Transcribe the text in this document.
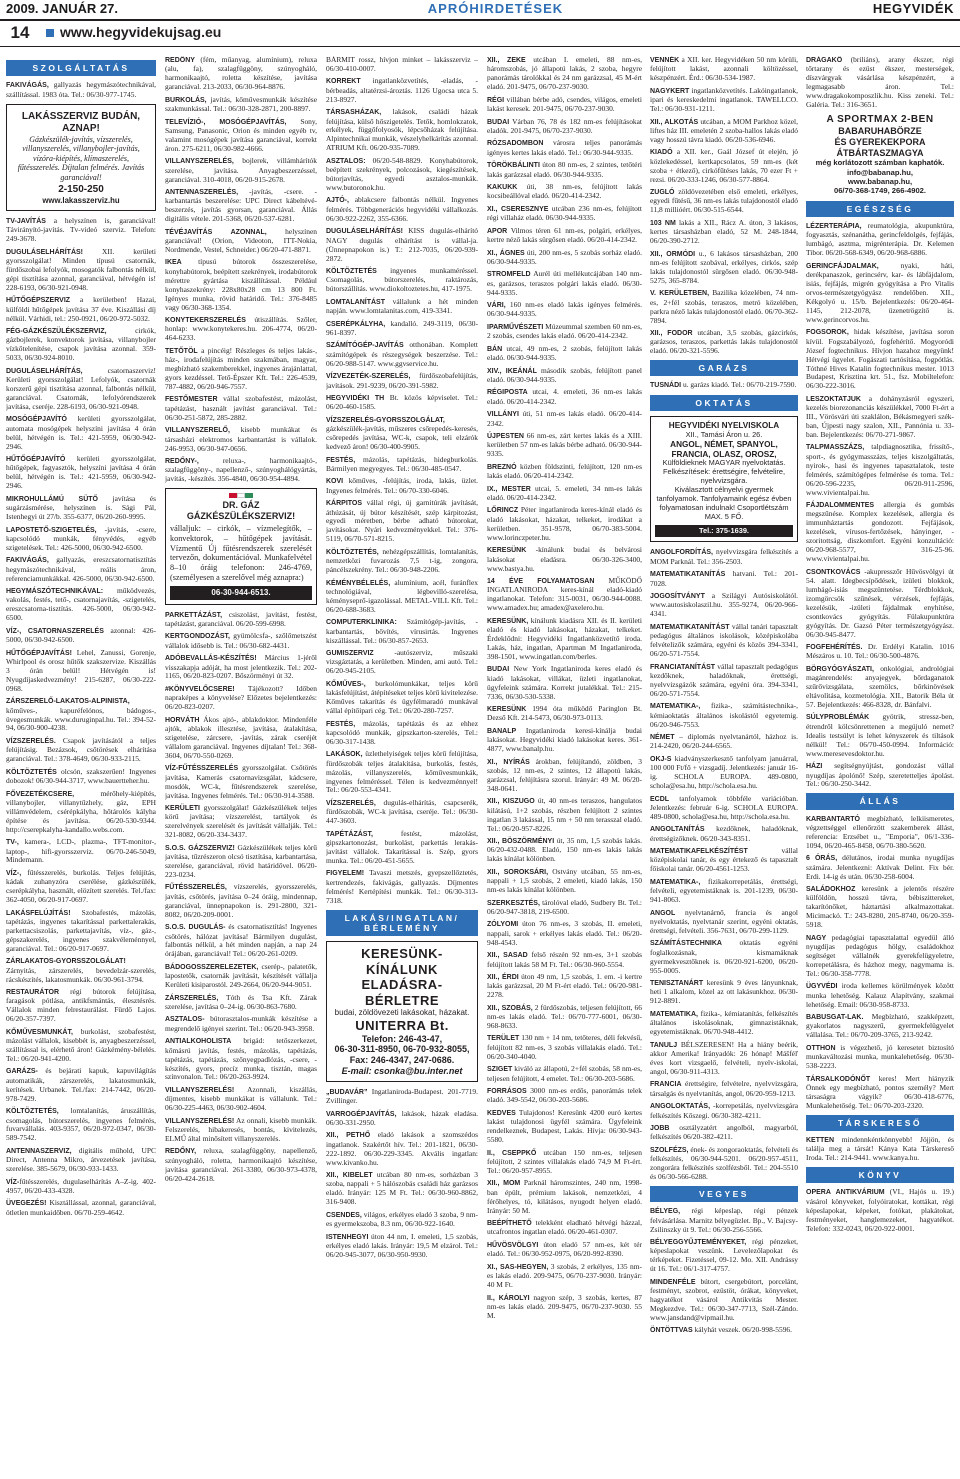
2009. JANUÁR 27.	APRÓHIRDETÉSEK	HEGYVIDÉK
14	www.hegyvidekujsag.eu
SZOLGÁLTATÁS

FAKIVÁGÁS, gallyazás hegymászótechnikával, szállítással. 1983 óta. Tel.: 06/30-977-1745.

LAKÁSSZERVIZ BUDÁN, AZNAP!
Gázkészülék-javítás, vízszerelés, villanyszerelés, villanybojler-javítás, vízóra-kiépítés, klímaszerelés, fűtésszerelés. Díjtalan felmérés. Javítás garanciával!
2-150-250
www.lakasszerviz.hu

TV-JAVÍTÁS a helyszínen is, garanciával! Távirányító-javítás. Tv-videó szerviz. Telefon: 249-3678.

DUGULÁSELHÁRÍTÁS! XII. kerületi gyorsszolgálat! Minden típusú csatornák, fürdőszobai lefolyók, mosogatók falbontás nélkül, gépi tisztítása azonnal, garanciával, hétvégén is! 228-6193, 06/30-921-0948.

HŰTŐGÉPSZERVIZ a kerületben! Hazai, külföldi hűtőgépek javítása 37 éve. Kiszállási díj nélkül. Várhidi, tel.: 250-0921, 06/20-972-5032.

FÉG-GÁZKÉSZÜLÉKSZERVIZ, cirkók, gázbojlerek, konvektorok javítása, villanybojler vízkőtelenítése, csapok javítása azonnal. 359-5033, 06/30-924-8010.

DUGULÁSELHÁRÍTÁS, csatornaszerviz! Kerületi gyorsszolgálat! Lefolyók, csatornák korszerű gépi tisztítása azonnal, falbontás nélkül, garanciával. Csatornák, lefolyórendszerek javítása, cseréje. 228-6193, 06/30-921-0948.

MOSÓGÉPJAVÍTÓ kerületi gyorsszolgálat, automata mosógépek helyszíni javítása 4 órán belül, hétvégén is. Tel.: 421-5959, 06/30-942-2946.

HŰTŐGÉPJAVÍTÓ kerületi gyorsszolgálat, hűtőgépek, fagyasztók, helyszíni javítása 4 órán belül, hétvégén is. Tel.: 421-5959, 06/30-942-2946.

MIKROHULLÁMÚ SÜTŐ javítása és sugárzásmérése, helyszínen is. Sági Pál, Istenhegyi út 27/b. 355-6377, 06/20-260-9995.

LAPOSTETŐ-SZIGETELÉS, -javítás, -csere, kapcsolódó munkák, fényvédés, egyéb szigetelések. Tel.: 426-5000, 06/30-942-6500.

FAKIVÁGÁS, gallyazás, ereszcsatornatisztítás hegymászótechnikával, reális áron, referenciamunkákkal. 426-5000, 06/30-942-6500.

HEGYMÁSZÓTECHNIKÁVAL: működvezés, vakolás, festés, tető-, csatornajavítás, -szigetelés, ereszcsatorna-tisztítás. 426-5000, 06/30-942-6500.

VÍZ-, CSATORNASZERELÉS azonnal: 426-5000, 06/30-942-6500.

HŰTŐGÉPJAVÍTÁS! Lehel, Zanussi, Gorenje, Whirlpool és orosz hűtők szakszervize. Kiszállás 3 órán belül! Hétvégén is! Nyugdíjaskedvezmény! 215-6287, 06/30-222-0968.

ZÁRSZERELŐ-LAKATOS-ALPINISTA, kőműves-, kapuréfelónos, bádogos-, üvegesmunkák. www.duruginpal.hu. Tel.: 394-52-94, 06/30-900-4238.

VÍZSZERELÉS. Csapok javításától a teljes felújításig. Bezázsok, csőtörések elhárítása garanciával. Tel.: 378-4649, 06/30-933-2115.

KÖLTÖZTETÉS olcsón, szakszerűen! Ingyenes dobozok! 06/30-944-3717, www.bauertteher.hu.

FŐVEZETÉKCSERE, mérőhely-kiépítés, villanybojler, villanytűzhely, gáz, EPH villámvédelem, csérépkályha, hőtárolós kályha építése és javítása. 06/20-530-9344. http://cserepkalyha-kandallo.webs.com.

TV-, kamera-, LCD-, plazma-, TFT-monitor-, laptop-, hifi-gyorsszerviz. 06/70-246-5049, Mindemann.

VÍZ-, fűtésszerelés, burkolás. Teljes felújítás, kádak zuhanyzóra cserélése, gázkészülék, cserépkályha, használt, elözített szerelés. Tel./fax: 362-4050, 06/20-917-0697.

LAKÁSFELÚJÍTÁS! Szobafestés, mázolás, tapétázás, ingyenes takarítással parkettalerakás, parkettacsiszolás, parkettajavítás, víz-, gáz-, gépszakerelés, ingyenes szakvéleménnyel, garanciával. Tel.: 06/20-917-0697.

ZÁRLAKATOS-GYORSSZOLGÁLAT! Zárnyitás, zárszerelés, bevedelzár-szerelés, rácskészítés, lakatosmunkák. 06/30-961-3794.

RESTAURÁTOR régi bútorok felújítása, faragások pótlása, antikfsmántás, élesztésrés. Vállalok minden felrestaurálást. Fürdő Lajos. 06/20-357-7397.

KŐMŰVESMUNKÁT, burkolást, szobafestést, mázolást vállalok, kisebbét is, anyagbeszerzéssel, szállítással is, elérhető áron! Gázkémény-bélelés. Tel.: 06/20-941-4200.

GARÁZS- és bejárati kapuk, kapuvilágítás automatikák, zárszerelés, lakatosmunkák, kerítések. Urbanek. Tel./fax: 214-7442, 06/20-978-7429.

KÖLTÖZTETÉS, lomtalanítás, áruszállítás, csomagolás, bútorszerelés, ingyenes felmérés, fuvarvállalás. 403-9357, 06/20-972-0347, 06/30-589-7542.

ANTENNASZERVIZ, digitális műhold, UPC Direct, Antenna Mikro, átvezetések javítása, szerelése. 385-5679, 06/30-933-1433.

VÍZ-fűtésszerelés, dugulaselhárítás A–Z-ig. 402-4957, 06/20-433-4328.

ÜVEGEZÉS! Kisztállással, azonnal, garanciával, ötletlen munkaidőben. 06/70-259-4642.

REDŐNY (fém, műanyag, alumínium), reluxa (alu, fa), szalagfüggöny, szúnyogháló, harmonikaajtó, roletta készítése, javítása garanciával. 213-2033, 06/30-964-8876.

BURKOLÁS, javítás, kőművesmunkák készítése szakmunkással. Tel.: 06/30-328-2871, 200-8897.

TELEVÍZIÓ-, MOSÓGÉPJAVÍTÁS, Sony, Samsung, Panasonic, Orion és minden egyéb tv, valamint mosógépek javítása garanciával, korrekt áron. 275-6211, 06/30-982-4666.

VILLANYSZERELÉS, bojlerek, villámhárítók szerelése, javítása. Anyagbeszerzéssel, garanciával. 310-4018, 06/20-915-2678.

ANTENNASZERELÉS, -javítás, -csere. -karbantartás beszerelése: UPC Direct kábeltévé-beszerzés, javítás gyorsan, garanciával. Állás digitális vétele. 201-5368, 06/20-537-6281.

TÉVÉJAVÍTÁS AZONNAL, helyszínen garanciával! (Orion, Videoton, ITT-Nokia, Nordmende, Vestel, Schneider.) 06/20-471-8871.

IKEA típusú bútorok összeszerelése, konyhabútorok, beépített szekrények, irodabútorok mérettre gyártása kiszállítással. Például konyhaszekrény: 228x80x28 cm 13 800 Ft. Igényes munka, rövid határidő. Tel.: 376-8485 vagy 06/30-368-1354.

KONYTEKERSZERELÉS útiszállítás. Szőler, honlap: www.konytekeres.hu. 206-4774, 06/20-464-6233.

TETŐTÖL a pincéig! Részleges és teljes lakás-, ház-, irodafelújítás minden szakmában, magyar, megbízható szakemberekkel, ingyenes árajánlattal, gyors kezdéssel. Tető-Épszer Kft. Tel.: 226-4539, 787-4882, 06/20-946-7557.

FESTŐMESTER vállal szobafestést, mázolást, tapétázást, használt javítást garanciával. Tel.: 06/30-251-5872, 285-2882.

VILLANYSZERELŐ, kisebb munkákat és társasházi elektromos karbantartást is vállalok. 246-9953, 06/30-947-0656.

REDŐNY-, reluxa-, harmonikaajtó-, szalagfüggöny-, napellenző-, szúnyoghálógyártás, javítás, -készítés. 356-4840, 06/30-954-4894.

DR. GÁZ
GÁZKÉSZÜLÉKSZERVIZ!
vállaljuk: – cirkók, – vízmelegítők, – konvektorok, – hűtőgépek javítását. Vízmentű Új fűtésrendszerek szerelését tervezőn, dokumentációval. Munkafelvétel 8–10 óráig telefonon: 246-4769, (személyesen a szerelővel még aznapra:)
06-30-944-6513.

PARKETTÁZÁST, csiszolást, javítást, festést, tapétázást, garanciával. 06/20-599-6998.

KERTGONDOZÁST, gyümölcsfa-, szőlőmetszést vállalok idősebb is. Tel.: 06/30-682-4431.

ADÓBEVALLÁS-KÉSZÍTÉS! Március 1-jéről visszakapja adóját, ha most jelentkezik. Tel.: 202-1165, 06/20-823-0207. Bőszörményi út 32.

#KÖNYVELŐCSERE! Tájékozott? Időben napraképes a könyvelése? Előzetes bejelentkezés: 06/20-823-0207.

HORVÁTH Ákos ajtó-, ablakdoktor. Mindenféle ajtók, ablakok illesztése, javítása, átalakítása, szigetelése, zárcsere, -javítás, zárak cseréjét vállalom garanciával. Ingyenes díjtalan! Tel.: 368-3604, 06/70-550-0269.

VÍZ-FŰTÉSSZERELÉS gyorsszolgálat. Csőtörés javítása, Kamerás csatornavizsgálat, kádcsere, mosdók, WC-k, fűtésrendszerek szerelése, javítása. Ingyenes felmérés. Tel.: 06/30-914-3588.

KERÜLETI gyorsszolgálat! Gázkészülékek teljes körű javítása; vízszerelést, tartályok és szerelvények szerelését és javítását vállalják. Tel.: 321-8082, 06/20-334-3437.

S.O.S. GÁZSZERVIZ! Gázkészülékek teljes körű javítása, tűzrészeron olcsó tisztítása, karbantartása, szerelése, garanciával, rövid határidővel. 06/20-223-0234.

FŰTÉSSZERELÉS, vízszerelés, gyorsszerelés, javítás, csőtörés, javítása 0–24 óráig, mindennap, garanciával, ünnepnapokon is. 291-2800, 321-8082, 06/20-209-0001.

S.O.S. DUGULÁS- és csatornatisztítás! Ingyenes csőtörés, hálózat javítása! Bármilyen dugulást, falbontás nélkül, a hét minden napján, a nap 24 órájában, garanciával! Tel.: 06/20-261-0209.

BÁDOGOSSZERELEZETEK, cserép-, palatetők, lapostetők, csatornák javítását, készítését vállalja Kerületi kisiparostól. 249-2664, 06/20-944-9051.

ZÁRSZERELÉS, Tóth és Tsa Kft. Zárak szerelése, javítása 0–24-ig. 06/30-863-7680.

ASZTALOS- bútorasztalos-munkák készítése a megrendelő igényei szerint. Tel.: 06/20-943-3958.

ANTIALKOHOLISTA brigád: tetőszerkezet, kőmásrú javítás, festés, mázolás, tapétázás, tapétázás, tapétázás, szőnyegpadlózás, -csere, -készítés, gyors, precíz munka, tisztán, magas színvonalon. Tel.: 06/20-263-9924.

VILLANYSZERELÉS! Azonnali, kiszállás, díjmentes, kisebb munkákat is vállalunk. Tel.: 06/30-225-4463, 06/30-902-4604.

VILLANYSZERELÉS! Az onnali, kisebb munkák. Felszerelés, hibakeresés, bontás, kivitelezés, ELMŰ által minősített villanyszerelés.

REDŐNY, reluxa, szalagfüggöny, napellenző, szúnyogháló, roletta, harmonikaajtó készítése, javítása garanciával. 261-3380, 06/30-973-4378, 06/20-424-2618.

BÁRMIT rossz, hívjon minket – lakásszerviz – 06/30-410-0007.

KORREKT ingatlanközvetítés, -eladás, -bérbeadás, altatérzsi-ároztás. 1126 Ugocsa utca 5. 213-8927.

TÁRSASHÁZAK, lakások, családi házak felújítása, külső hőszigetelés. Tetők, homlokzatok, erkélyek, függőfolyosók, lépcsőházak felújítása. Alpintechnikai munkák, vészelyhelkárítás azonnal. ATRIUM Kft. 06/20-935-7089.

ASZTALOS: 06/20-548-8829. Konyhabútorok, beépített szekrények, polcozások, kiegészítések, bútorjavítás, egyedi asztalos-munkák. www.butoronok.hu.

AJTÓ-, ablakcsere falbontás nélkül. Ingyenes felmérés. Többgenerációs hegyvidéki vállalkozás. 06/30-922-2262, 355-6366.

DUGULÁSELHÁRÍTÁS! KISS dugulás-elhárító NAGY dugulás elhárítást is vállal-ja. (Ünnepnapokon is.) T.: 212-7035, 06/20-939-2872.

KÖLTÖZTETÉS ingyenes munkaméréssel. Csomagolás, bútorszerelés, raktározás, bútorszállítás. www.diokoltoztetes.hu, 417-1975.

LOMTALANÍTÁST vállalunk a hét minden napján. www.lomtalanitas.com, 419-3341.

CSERÉPKÁLYHA, kandalló. 249-3119, 06/30-961-8397.

SZÁMÍTÓGÉP-JAVÍTÁS otthonában. Komplett számítógépek és részegységek beszerzése. Tel.: 06/20-988-5147. www.ggvservice.hu.

VÍZVEZETÉK-SZERELÉS, fürdőszobafelújítás, javítások. 291-9239, 06/20-391-5982.

HEGYVIDÉKI TH Bt. közös képviselet. Tel.: 06/20-460-1585.

VÍZSZERELÉS-GYORSSZOLGÁLAT, gázkészülék-javítás, műszeres csőrepedés-keresés, csőrepedés javítása, WC-k, csapok, teli elzárók kedvező áron! 06/30-400-9905.

FESTÉS, mázolás, tapétázás, hidegburkolás. Bármilyen megyegyes. Tel.: 06/30-485-0547.

KOVI kőműves, -felújítás, iroda, lakás, üzlet. Ingyenes felmérés. Tel.: 06/70-330-6046.

KÁRPITOS vállal régi, új garnitúrák javítását, áthúzását, új bútor készítését, szép kárpitozást, egyedi méretben, bérbe adható bútorokat, javításokat. Nyári kedvezményekkel. Tel.: 376-5119, 06/70-571-8215.

KÖLTÖZTETÉS, nehézgépszállítás, lomtalanítás, nemzetközi fuvarozás 7,5 t-ig, zongora, páncélszekrény. Tel.: 06/30-948-2206.

KÉMÉNYBÉLELÉS, alumínium, acél, furánflex technológiával, légbevilló-szerelésa, kéményseprő-igazolással. METAL-VILL Kft. Tel.: 06/20-688-3683.

COMPUTERKLINIKA: Számítógép-javítás, -karbantartás, bővítés, vírusirtás. Ingyenes kiszállással. Tel.: 06/30-857-2653.

GUMISZERVIZ -autószerviz, műszaki vizsgáztatás, a kerületben. Minden, ami autó. Tel.: 06/20-945-2105.

KŐMŰVES-, burkolómunkákat, teljes körű lakásfelújítást, átépítéseket teljes körű kivitelezése. Kőműves takarítás és ügyfélmaradó munkával vállal építőipari cég. Tel.: 06/20-280-7257.

FESTÉS, mázolás, tapétázás és az ehhez kapcsolódó munkák, gipszkarton-szerelés, Tel.: 06/30-317-1438.

LAKÁSOK, üzlethelyiségek teljes körű felújítása, fürdőszobák teljes átalakítása, burkolás, festés, mázolás, villanyszerelés, kőművesmunkák, ingyenes felméréssel. Télen is kedvezménnyel! Tel.: 06/20-553-4341.

VÍZSZERELÉS, dugulás-elhárítás, csapcserék, fürdőszobák, WC-k javítása, cseréje. Tel.: 06/30-447-3603.

TAPÉTÁZÁST, festést, mázolást, gipszkartonozást, burkolást, parkettás lerakás-javítást vállalok. Takarítással is. Szép, gyors munka. Tel.: 06/20-451-5655.

FIGYELEM! Tavaszi metszés, gyepszellőztetés, kertrendezés, fakivágás, gallyazás. Díjmentes felmérés! Kertépítési munkák. Tel.: 06/30-313-7318.

LAKÁS/INGATLAN/
BÉRLEMÉNY
KERESÜNK-KÍNÁLUNK
ELADÁSRA-BÉRLETRE
budai, zöldövezeti lakásokat, házakat.
UNITERRA Bt.
Telefon: 246-43-47,
06-30-311-8950, 06-70-932-8055,
Fax: 246-4347, 247-0686.
E-mail: csonka@bu.inter.net

„BUDAVÁR” Ingatlaniroda-Budapest. 201-7719. Zvillinger.

VARROGÉPJAVÍTÁS, lakások, házak eladása. 06/30-331-2950.

XII., PETHŐ eladó lakások a szomszédos ingatlanok. Szakértőt hív. Tel.: 201-1821, 06/30-222-1892. 06/30-229-3345. Akvális ingatlan: www.kivanko.hu.

XII., KIBELET utcában 80 nm-es, sorházban 3 szoba, nappali + 5 hálószobás családi ház garázsos eladó. Irányár: 125 M Ft. Tel.: 06/30-960-8862, 316-9408.

CSENDES, világos, erkélyes eladó 3 szoba, 9 nm-es gyermekszoba, 8.3 nm, 06/30-922-1640.

ISTENHEGYI úton 44 nm, I. emeleti, 1,5 szobás, erkélyes eladó lakás. Irányár: 19,5 M elzárol. Tel.: 06/20-945-3077, 06/30-950-9930.

XII., ZEKE utcában I. emeleti, 88 nm-es, háromszobás, jó állapotú lakás, 2 szoba, hegyre panorámás tárolókkal és 24 nm garázzsal, 45 M-ért eladó. 201-9475, 06/70-237-9030.

RÉGI villában bérbe adó, csendes, világos, emeleti lakást keresek. 201-9475, 06/70-237-9030.

BUDAI Várban 76, 78 és 182 nm-es felújításokat eladók. 201-9475, 06/70-237-9030.

RÓZSADOMBON városra teljes panorámás igényes kertes lakás eladó. Tel.: 06/30-944-9335.

TÖRÖKBÁLINTI úton 80 nm-es, 2 szintes, tetőtéri lakás garázzsal eladó. 06/30-944-9335.

KAKUKK úti, 38 nm-es, felújított lakás kocsibeállóval eladó. 06/20-414-2342.

XI., CSERESZNYE utcában 236 nm-es, felújított régi villaház eladó. 06/30-944-9335.

APOR Vilmos téren 61 nm-es, polgári, erkélyes, kertre néző lakás sürgősen eladó. 06/20-414-2342.

XI., ÁGNES úti, 200 nm-es, 5 szobás sorház eladó. 06/30-944-9335.

STROMFELD Aurél úti mellékutcájában 140 nm-es, garázsos, teraszos polgári lakás eladó. 06/30-944-9335.

VÁRI, 160 nm-es eladó lakás igényes felmérés. 06/30-944-9335.

IPARMŰVÉSZETI Múzeummal szemben 60 nm-es, 2 szobás, csendes lakás eladó. 06/20-414-2342.

BÁN utcai, 49 nm-es, 2 szobás, felújított lakás eladó. 06/30-944-9335.

XIV., IKEÁNÁL második szobás, felújított panel eladó. 06/30-944-9335.

RÉGIPOSTA utcai, 4. emeleti, 36 nm-es lakás eladó. 06/20-414-2342.

VILLÁNYI úti, 51 nm-es lakás eladó. 06/20-414-2342.

ÚJPESTEN 66 nm-es, zárt kertes lakás és a XIII. kerületben 57 nm-es lakás bérbe adható. 06/30-944-9335.

BREZNÓ közben földszinti, felújított, 120 nm-es lakás eladó. 06/20-414-2342.

IX., MESTER utcai, 5. emeleti, 34 nm-es lakás eladó. 06/20-414-2342.

LŐRINCZ Péter ingatlaniroda keres-kínál eladó és eladó lakásokat, házakat, telkeket, irodákat a kerületben. 351-9578, 06/70-383-5004. www.lorinczpeter.hu.

KERESÜNK -kínálunk budai és belvárosi lakásokat eladásra. 06/30-326-3400, www.bastya.hu.

14 ÉVE FOLYAMATOSAN MŰKÖDŐ INGATLANIRODA keres-kínál eladó-kiadó ingatlanokat. Telefon: 315-0031, 06/30-944-0088. www.amadex.hu; amadex@axelero.hu.

KERESÜNK, kínálunk kiadásra XII. és II. kerületi eladó és kiadó lakásokat, házakat, telkeket. Érdeklődni: Hegyvidéki Ingatlanközvetítő iroda. Lakás, ház, ingatlan, Apartman M Ingatlaniroda, 398-1501, www.ingatlan.com/berles.

BUDAI New York Ingatlaniroda keres eladó és kiadó lakásokat, villákat, üzleti ingatlanokat, ügyfeleink számára. Korrekt jutalékkal. Tel.: 215-7336, 06/30-530-5338.

KERESÜNK 1994 óta működő Paringlon Bt. Dezső Kft. 214-5473, 06/30-973-0113.

BANALP Ingatlaniroda keresi-kínálja budai lakásokat. Hegyvidéki kiadó lakásokat keres. 361-4877, www.banalp.hu.

XI., NYÍRÁS árokban, felújítandó, zöldben, 3 szobás, 12 nm-es, 2 szintes, 12 állapotú lakás, garázzsal, felújításra szorul. Irányár: 49 M. 06/20-348-0641.

XII., KISZUGO út, 40 nm-es teraszos, hangulatos kilátású, 1+2 szobás, részben felújított 2 szintes ingatlan 3 lakással, 15 nm + 50 nm terasszal eladó. Tel.: 06/20-957-8226.

XII., BÖSZÖRMÉNYI út, 35 nm, 1,5 szobás lakás. 06/20-432-0488. Eladó, 150 nm-es lakás lakás lakás kínálat kölönben.

XII., SOROKSÁRI, Ostvány utcában, 55 nm-es, nappali + 1,5 szobás, 2 emeleti, kiadó lakás, 150 nm-es lakás kínálat kölönben.

SZERKESZTÉS, tárolóval eladó, Sudbery Bt. Tel.: 06/20-947-3818, 219-6500.

ZÓLYOMI úton 76 nm-es, 3 szobás, II. emeleti, nappali, sarok + erkélyes lakás eladó. Tel.: 06/20-948-4543.

XII., SASAD felső részén 92 nm-es, 3+1 szobás felújított lakás 58 M Ft. Tel.: 06/30-960-5554.

XII., ÉRDI úton 49 nm, 1,5 szobás, 1. em. -i kertre lakás garázzsal, 20 M Ft-ért eladó. Tel.: 06/20-981-2278.

XII., SZOBÁS, 2 fürdőszobás, teljesen felújított, 66 nm-es lakás eladó. Tel.: 06/70-777-6001, 06/30-968-8633.

TERÜLET 130 nm + 14 nm, tetőteres, déli fekvésű, felújított 82 nm-es, 3 szobás villalakás eladó. Tel.: 06/20-340-4040.

SZIGET kiváló az állapotú, 2+fél szobás, 58 nm-es, teljesen felújított, 4 emelet. Tel.: 06/30-203-5686.

FORRÁSOS 3000 nm-es erdős, panorámás telek eladó. 349-5542, 06/30-203-5686.

KEDVES Tulajdonos! Keresünk 4200 euró kertes lakást tulajdonosi ügyfél számára. Ügyfeleink rendelkeznek, Budapest, Lakás. Hívja: 06/30-943-5580.

II., CSEPPKŐ utcában 150 nm-es, teljesen felújított, 2 szintes villalakás eladó 74,9 M Ft-ért. Tel.: 06/20-957-8955.

XII., MOM Parknál háromszintes, 240 nm, 1998-ban épült, prémium lakások, nemzetközi, 4 férőhelyes, tó, kilátásos, nyugodt helyen eladó. Irányár: 50 M.

BEÉPÍTHETŐ telekként eladható hétvégi házzal, utcafrontos ingatlan eladó. 06/20-461-0307.

HŰVÖSVÖLGYI úton eladó 57 nm-es, két tér eladó. Tel.: 06/30-952-0975, 06/20-992-8390.

XI., SAS-HEGYEN, 3 szobás, 2 erkélyes, 135 nm-es lakás eladó. 209-9475, 06/70-237-9030. Irányár: 40 M Ft.

II., KÁROLYI nagyon szép, 3 szobás, kertes, 87 nm-es lakás eladó. 209-9475, 06/70-237-9030. 55 M.

VENNÉK a XII. ker. Hegyvidéken 50 nm körüli, felújított lakást, azonnali költözéssel, készpénzért. Érd.: 06/30-534-1987.

NAGYKERT ingatlanközvetítés. Lakóingatlanok, ipari és kereskedelmi ingatlanok. TAWELLCO. Tel.: 06/30-931-1211.

XII., ALKOTÁS utcában, a MOM Parkhoz közel, liftes ház III. emeletén 2 szoba-hallos lakás eladó vagy hosszú távra kiadó. 06/20-536-6946.

KIADÓ a XII. ker., Gaál József út elején, jó közlekedéssel, kertkapcsolatos, 59 nm-es (két szoba + étkező), cirkófűtéses lakás, 70 ezer Ft + rezsi. 06/20-333-1246, 06/30-577-8864.

ZUGLÓ zöldövezetében első emeleti, erkélyes, egyedi fűtésű, 36 nm-es lakás tulajdonostól eladó 11,8 millióért. 06/30-515-6544.

103 NM lakás a XII., Rácz A. úton, 3 lakásos, kertes társasházban eladó, 52 M. 248-1844, 06/20-390-2712.

XII., ORMÓDI u., 6 lakásos társasházban, 200 nm-es felújított szobával, erkélyes, cirkós, szép lakás tulajdonostól sürgősen eladó. 06/30-948-5275, 365-8784.

V. KERÜLETBEN, Bazilika közelében, 74 nm-es, 2+fél szobás, teraszos, metró közelében, parkra néző lakás tulajdonostól eladó. 06/70-362-7894.

XII., FODOR utcában, 3,5 szobás, gázcirkós, garázsos, teraszos, parkettás lakás tulajdonostól eladó. 06/20-321-5596.

GARÁZS

TUSNÁDI u. garázs kiadó. Tel.: 06/70-219-7590.

OKTATÁS
HEGYVIDÉKI NYELVISKOLA
XII., Tamási Áron u. 26.
ANGOL, NÉMET, SPANYOL, FRANCIA, OLASZ, OROSZ,
Külföldieknek MAGYAR nyelvoktatás.
Felkészítések: érettségire, felvételire, nyelvvizsgára.
Kiválasztott célnyelvi gyermek tanfolyamok. Tanfolyamaink egész évben folyamatosan indulnak! Csoportlétszám MAX. 5 FŐ.
Tel.: 375-1639.

ANGOLFORDÍTÁS, nyelvvizsgára felkészítés a MOM Parknál. Tel.: 356-2503.

MATEMATIKATANÍTÁS hatvani. Tel.: 201-7028.

JOGOSÍTVÁNYT a Szilágyi Autósiskolától. www.autosiskolaszil.hu. 355-9274, 06/20-966-4341.

MATEMATIKATANÍTÁST vállal tanári tapasztalt pedagógus általános iskolások, középiskolába felvételizők számára, egyéni és közös 394-3341, 06/20-571-7554.

FRANCIATANÍTÁST vállal tapasztalt pedagógus kezdőknek, haladóknak, érettségi, nyelvvizsgázók számára, egyéni óra. 394-3341, 06/20-571-7554.

MATEMATIKA-, fizika-, számítástechnika-, kémiaoktatás általános iskolástól egyetemig. 06/20-946-7553.

NÉMET – diplomás nyelvtanártól, házhoz is. 214-2420, 06/20-244-6565.

OKJ-S kiadványszerkesztő tanfolyam januárral, 100 000 Ft/fő + vizsgadíj. Jelentkezés: január 16-ig. SCHOLA EUROPA. 489-0800, schola@esa.hu, http://schola.esa.hu.

ECDL tanfolyamok többféle variációban. Jelentkezés: február 6-ig. SCHOLA EUROPA. 489-0800, schola@esa.hu, http://schola.esa.hu.

ANGOLTANÍTÁS kezdőknek, haladóknak, érettségizőknek. 06/20-343-8351.

MATEMATIKAFELKÉSZÍTÉST vállal középiskolai tanár, és egy értekező és tapasztalt főiskolai tanár. 06/20-4561-1253.

MATEMATIKA-, fizikakorrepetálás, érettségi, felvételi, egyetemistáknak is. 201-1239, 06/30-941-8063.

ANGOL nyelvtanárnő, francia és angol nyelvoktatás, nyelvtanár szerint, egyéni oktatás, érettségi, felvételi. 356-7631, 06/70-299-1129.

SZÁMÍTÁSTECHNIKA oktatás egyéni foglalkozásnak, kismamáknak gyermekvesztőknek is. 06/20-921-6200, 06/20-955-0005.

TENISZTANÁRT keresünk 9 éves lányunknak, heti 1 alkalom, közel az ott lakásunkhoz. 06/30-912-8891.

MATEMATIKA, fizika-, kémiatanítás, felkészítés általános iskolásoknak, gimnazistáknak, egyetemistáknak. 06/70-948-4412.

TANULJ BÉLSZERESEN! Ha a hiány beérik, akkor Amerika! Irányadók: 26 hónap! Mášféľ éves kort vizsgaelő, felvételi, nyelv-iskolai, angol, 06/30-911-4313.

FRANCIA érettségire, felvételre, nyelvvizsgára, társalgás és nyelvtanítás, angol, 06/20-959-1213.

ANGOLOKTATÁS, -korrepetálás, nyelvvizsgára felkészítés Kőszegi. 06/30-382-4211.

JOBB osztályzatért angolból, magyarból, felkészítés 06/20-382-4211.

SZOLFÉZS, ének- és zongoraoktatás, felvételi és felkészítés, 06/30-944-5201. 06/20-957-4511, zongorára felkészítés szolfézsből. Tel.: 204-5510 és 06/30-566-6288.

VEGYES

BÉLYEG, régi képeslap, régi pénzek felvásárlása. Marnitz bélyegüzlet. Bp., V. Bajcsy-Zsilinszky út 9. Tel.: 06/30-256-5566.

BÉLYEGGYŰJTEMÉNYEKET, régi pénzeket, képeslapokat veszünk. Levelezőlapokat és térképeket. Fizetéssel, 09-12. Mo. XII. Andrássy út 16. Tel.: 06/1-317-4757.

MINDENFÉLE bútort, csergebútort, porcelánt, festményt, szobrot, ezüstöt, órákat, könyveket, hagyatékot vásárol Antikvitás Mester. Megkezdve. Tel.: 06/30-347-7713, Szél-Zándo. www.jansdand@vipmail.hu.

ÖNTÖTTVAS kályhát veszek. 06/20-998-5596.

DRÁGAKŐ (briliáns), arany ékszer, régi tőrtarany és ezüst ékszer, mesterségek, díszvárgyak vásárlása készpénzért, a legmagasabb áron. Tel.: www.dragakokomposzlik.hu. Kiss zeneki. Tel.: Galéria. Tel.: 316-3651.

A SPORTMAX 2-BEN
BABARUHABÖRZE
ÉS GYEREKEKPORA
ÁTBÁRTASZMAGYA
még korlátozott számban kaphatók.
info@babanap.hu,
www.babanap.hu,
06/70-368-1749, 266-4902.
EGÉSZSÉG

LÉZERTERÁPIA, reumatológia, akupunktúra, fogyasztás, szénanátha, gerincfeldolgés, fejfájás, lumbágó, asztma, migrénterápia. Dr. Kelemen Tibor. 06/20-568-6349, 06/20-968-6886.

GERINCFÁJDALMAK, nyaki, háti, derékpanaszok, gerincsérv, kar- és lábfájdalom, isiás, fejfájás, migrén gyógyítása a Pro Vitalis orvos-természetgyógyász rendelőben. XII., Kékgolyó u. 15/b. Bejelentkezés: 06/20-464-1145, 212-2078, üzenetrögzítő is. www.gerincorvos.hu.

FOGSOROK, hidak készítése, javítása soron kívül. Fogszabályozó, fogfehérítő. Mogyoródi József fogtechnikus. Hívjon hazahoz megyünk! Hétvégi ügyelet. Fogászati tartósítása, fogpótlás. Tóthné Hives Katalin fogtechnikus mester. 1013 Budapest, Krisztina krt. 51., fsz. Mobiltelefon: 06/30-222-3016.

LESZOKTATJUK a dohányzásról egyszeri, kezelés biorezonanciás készülékkel, 7000 Ft-ért a III., Vörösvári úti szaklálon, Békásmegyeri szék-ban, Újpesti nagy szalon, XII., Pannónia u. 33-ban. Bejelentkezés: 06/70-271-9867.

TALPMASSZÁZS, talpdiagnosztika, frissítő-, sport-, és gyógymasszázs, teljes kiszolgáltatás, nyirok-, hasi és ingyenes tapasztalatok, teste felmérés, számítógépes felmérése és torna. Tel.: 06/20-596-2235, 06/20-911-2596, www.vivientalpai.hu.

FÁJDALOMMENTES allergia és gombás megszűnése. Komplex kezelések, allergia és immunháztartás gondozott. Fejfájások, kezelések, vírusos-fertőzések, hányinger, -szoritottság, diszkomfort. Egyéni konzultáció: 06/20-968-5577, 316-25-96. www.vivientalpai.hu.

CSONTKOVÁCS -akupresszőr Hűvösvölgyi út 54. alatt. Idegbecsípődések, izületi blokkok, lumbágó-isiás megszüntetése. Térdblokkok, izomgörcsök szűnések, vérzések, fejfájás, kezelésük, -izületi fájdalmak enyhítése, csontkovács gyógyítás. Fülakupunktúra gyógyítás. Dr. Gazsó Péter természetgyógyász. 06/30-945-8477.

FOGFEHÉRÍTÉS. Dr. Erdélyi Katalin. 1016 Mészáros u. 10. Tel.: 06/30-500-4876.

BÖRGYÓGYÁSZATI, onkológiai, andrológiai magánrendelés: anyajegyek, bőrdaganatok szűrővizsgálata, szemölcs, bőrkinövések eltávolítása, kozmetológia. XII., Batorik Béla út 57. Bejelentkezés: 466-8328, dr. Bánfalvi.

SÚLYPROBLÉMÁK gyötrik, stressz-ben, étrendről kölcsönrettenen a megújuló nemet? Idealis testsúlyt is lehet kényszerek és tiltások nélkül! Tel.: 06/70-450-0994. Információ: www.meresevesdoktor.hu.

HÁZI segítségnyújtást, gondozást vállal nyugdíjas ápolónő! Szép, szeretetteljes ápolást. Tel.: 06/30-250-3442.

ÁLLÁS

KARBANTARTÓ megbízható, lelkiismeretes, végzettséggel ellenőrzött szakemberek állást, referencia: Erzsébet u., "Emporia", 06/1-336-1094, 06/20-465-8458, 06/70-380-5620.

6 ÓRÁS, délutános, irodai munka nyugdíjas számára. Jelentkezni: Aktívak Delint. Fix bér. Erdi. 14-ig és után. 06/30-258-6004.

SALÁDOKHOZ keresünk a jelentős részére külföldön, hosszú távra, bébiszittereket, takarítónőket, háztartási alkalmazottakat. Micimackó. T.: 243-8280, 205-8740, 06/20-359-5918.

NAGY pedagógiai tapasztalattal egyedül álló nyugdíjas pedagógus hölgy, családokhoz segítséget vállalnék gyerekfelügyeletre, korrepetálásra, és házhoz megy, nagymama is. Tel.: 06/30-358-7778.

ÜGYVÉDI iroda kellemes körülmények között munka lehetőség. Kalauz Alapítvány, szakmai lehetőség. Email: 06/30-958-8733.

BABUSGAT-LAK. Megbízható, szakképzett, gyakorlatos nagyszerű, gyermekfelügyelet vállalása. Tel.: 06/70-209-3765, 213-9242.

OTTHON is végezhető, jó keresetet biztosító munkaváltozási munka, munkalehetőség. 06/30-538-2223.

TÁRSALKODÓNŐT keres! Mert hiányzik Önnek egy megbízható, pontos személy? Mert társaságra vágyik? 06/30-418-6776, Munkalehetőség. Tel.: 06/70-203-2320.

TÁRSKERESŐ

KETTEN mindennkéntkönnyebb! Jöjjön, és találja meg a társát! Kánya Kata Társkereső Iroda. Tel.: 214-9441. www.kanya.hu.

KÖNYV

OPERA ANTIKVÁRIUM (VI., Hajós u. 19.) vásárol könyveket, folyóiratokat, kottákat, régi képeslapokat, képeket, fotókat, plakátokat, festményeket, hanglemezeket, hagyatékot. Telefon: 332-0243, 06/20-922-0001.
